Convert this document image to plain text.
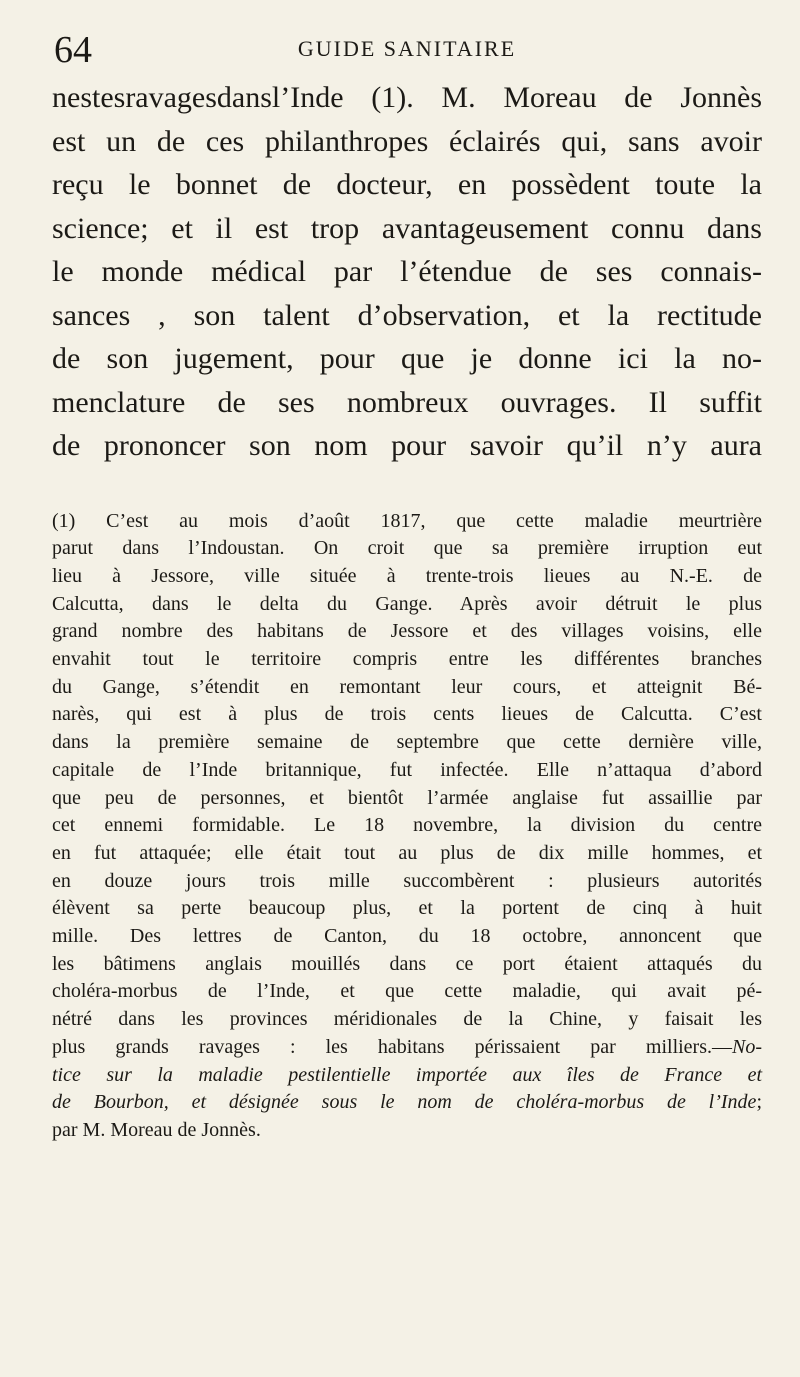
64	GUIDE SANITAIRE
nestesravagesdansl’Inde (1). M. Moreau de Jonnès
est un de ces philanthropes éclairés qui, sans avoir
reçu le bonnet de docteur, en possèdent toute la
science; et il est trop avantageusement connu dans
le monde médical par l’étendue de ses connais-
sances , son talent d’observation, et la rectitude
de son jugement, pour que je donne ici la no-
menclature de ses nombreux ouvrages. Il suffit
de prononcer son nom pour savoir qu’il n’y aura
(1) C’est au mois d’août 1817, que cette maladie meurtrière
parut dans l’Indoustan. On croit que sa première irruption eut
lieu à Jessore, ville située à trente-trois lieues au N.-E. de
Calcutta, dans le delta du Gange. Après avoir détruit le plus
grand nombre des habitans de Jessore et des villages voisins, elle
envahit tout le territoire compris entre les différentes branches
du Gange, s’étendit en remontant leur cours, et atteignit Bé-
narès, qui est à plus de trois cents lieues de Calcutta. C’est
dans la première semaine de septembre que cette dernière ville,
capitale de l’Inde britannique, fut infectée. Elle n’attaqua d’abord
que peu de personnes, et bientôt l’armée anglaise fut assaillie par
cet ennemi formidable. Le 18 novembre, la division du centre
en fut attaquée; elle était tout au plus de dix mille hommes, et
en douze jours trois mille succombèrent : plusieurs autorités
élèvent sa perte beaucoup plus, et la portent de cinq à huit
mille. Des lettres de Canton, du 18 octobre, annoncent que
les bâtimens anglais mouillés dans ce port étaient attaqués du
choléra-morbus de l’Inde, et que cette maladie, qui avait pé-
nétré dans les provinces méridionales de la Chine, y faisait les
plus grands ravages : les habitans périssaient par milliers.—No-
tice sur la maladie pestilentielle importée aux îles de France et
de Bourbon, et désignée sous le nom de choléra-morbus de l’Inde;
par M. Moreau de Jonnès.
